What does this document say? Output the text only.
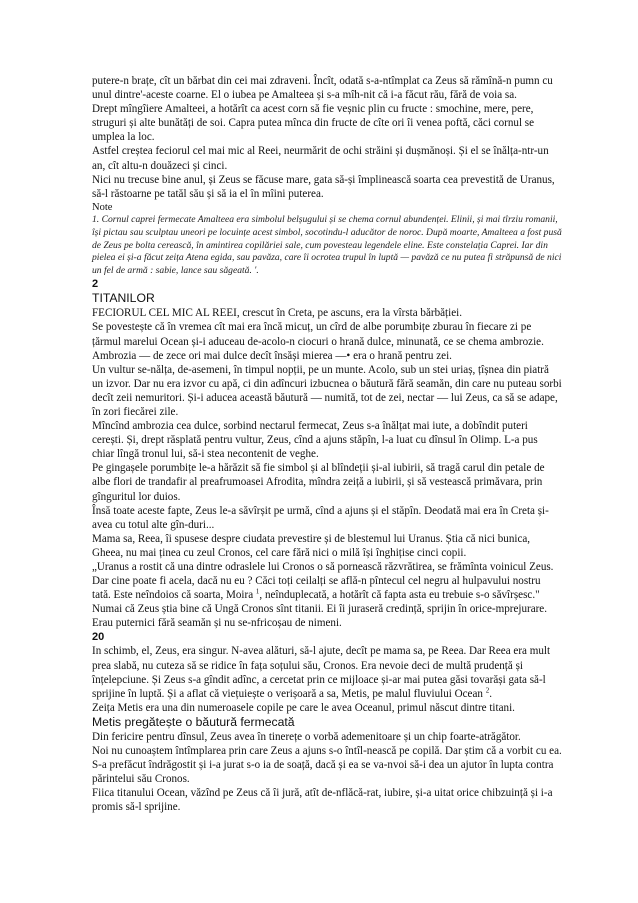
putere-n brațe, cît un bărbat din cei mai zdraveni. Încît, odată s-a-ntîmplat ca Zeus să rămînă-n pumn cu unul dintre'-aceste coarne. El o iubea pe Amalteea și s-a mîh-nit că i-a făcut rău, fără de voia sa.

Drept mîngîiere Amalteei, a hotărît ca acest corn să fie veșnic plin cu fructe : smochine, mere, pere, struguri și alte bunătăți de soi. Capra putea mînca din fructe de cîte ori îi venea poftă, căci cornul se umplea la loc.

Astfel creștea feciorul cel mai mic al Reei, neurmărit de ochi străini și dușmănoși. Și el se înălța-ntr-un an, cît altu-n douăzeci și cinci.

Nici nu trecuse bine anul, și Zeus se făcuse mare, gata să-și împlinească soarta cea prevestită de Uranus, să-l răstoarne pe tatăl său și să ia el în mîini puterea.

Note

1. Cornul caprei fermecate Amalteea era simbolul belșugului și se chema cornul abundenței. Elinii, și mai tîrziu romanii, își pictau sau sculptau uneori pe locuințe acest simbol, socotindu-l aducător de noroc. După moarte, Amalteea a fost pusă de Zeus pe bolta cerească, în amintirea copilăriei sale, cum povesteau legendele eline. Este constelația Caprei. Iar din pielea ei și-a făcut zeița Atena egida, sau pavăza, care îi ocrotea trupul în luptă — pavăză ce nu putea fi străpunsă de nici un fel de armă : sabie, lance sau săgeată. '.

2

TITANILOR

FECIORUL CEL MIC AL REEI, crescut în Creta, pe ascuns, era la vîrsta bărbăției.

Se povestește că în vremea cît mai era încă micuț, un cîrd de albe porumbițe zburau în fiecare zi pe țărmul marelui Ocean și-i aduceau de-acolo-n ciocuri o hrană dulce, minunată, ce se chema ambrozie.

Ambrozia — de zece ori mai dulce decît însăși mierea —• era o hrană pentru zei.

Un vultur se-nălța, de-asemeni, în timpul nopții, pe un munte. Acolo, sub un stei uriaș, țîșnea din piatră un izvor. Dar nu era izvor cu apă, ci din adîncuri izbucnea o băutură fără seamăn, din care nu puteau sorbi decît zeii nemuritori. Și-i aducea această băutură — numită, tot de zei, nectar — lui Zeus, ca să se adape, în zori fiecărei zile.

Mîncînd ambrozia cea dulce, sorbind nectarul fermecat, Zeus s-a înălțat mai iute, a dobîndit puteri cerești. Și, drept răsplată pentru vultur, Zeus, cînd a ajuns stăpîn, l-a luat cu dînsul în Olimp. L-a pus chiar lîngă tronul lui, să-i stea necontenit de veghe.

Pe gingașele porumbițe le-a hărăzit să fie simbol și al blîndeții și-al iubirii, să tragă carul din petale de albe flori de trandafir al preafrumoasei Afrodita, mîndra zeiță a iubirii, și să vestească primăvara, prin gînguritul lor duios.

Însă toate aceste fapte, Zeus le-a săvîrșit pe urmă, cînd a ajuns și el stăpîn. Deodată mai era în Creta și-avea cu totul alte gîn-duri...

Mama sa, Reea, îi spusese despre ciudata prevestire și de blestemul lui Uranus. Știa că nici bunica, Gheea, nu mai ținea cu zeul Cronos, cel care fără nici o milă își înghițise cinci copii.

„Uranus a rostit că una dintre odraslele lui Cronos o să pornească răzvrătirea, se frămînta voinicul Zeus. Dar cine poate fi acela, dacă nu eu ? Căci toți ceilalți se află-n pîntecul cel negru al hulpavului nostru tată. Este neîndoios că soarta, Moira $^1$, neînduplecată, a hotărît că fapta asta eu trebuie s-o săvîrșesc."

Numai că Zeus știa bine că Ungă Cronos sînt titanii. Ei îi juraseră credință, sprijin în orice-mprejurare. Erau puternici fără seamăn și nu se-nfricoșau de nimeni.

20

In schimb, el, Zeus, era singur. N-avea alături, să-l ajute, decît pe mama sa, pe Reea. Dar Reea era mult prea slabă, nu cuteza să se ridice în fața soțului său, Cronos. Era nevoie deci de multă prudență și înțelepciune. Și Zeus s-a gîndit adînc, a cercetat prin ce mijloace și-ar mai putea găsi tovarăși gata să-l sprijine în luptă. Și a aflat că viețuiește o verișoară a sa, Metis, pe malul fluviului Ocean $^2$.

Zeița Metis era una din numeroasele copile pe care le avea Oceanul, primul născut dintre titani.

Metis pregătește o băutură fermecată

Din fericire pentru dînsul, Zeus avea în tinerețe o vorbă ademenitoare și un chip foarte-atrăgător.

Noi nu cunoaștem întîmplarea prin care Zeus a ajuns s-o întîl-nească pe copilă. Dar știm că a vorbit cu ea. S-a prefăcut îndrăgostit și i-a jurat s-o ia de soață, dacă și ea se va-nvoi să-i dea un ajutor în lupta contra părintelui său Cronos.

Fiica titanului Ocean, văzînd pe Zeus că îi jură, atît de-nflăcă-rat, iubire, și-a uitat orice chibzuință și i-a promis să-l sprijine.
